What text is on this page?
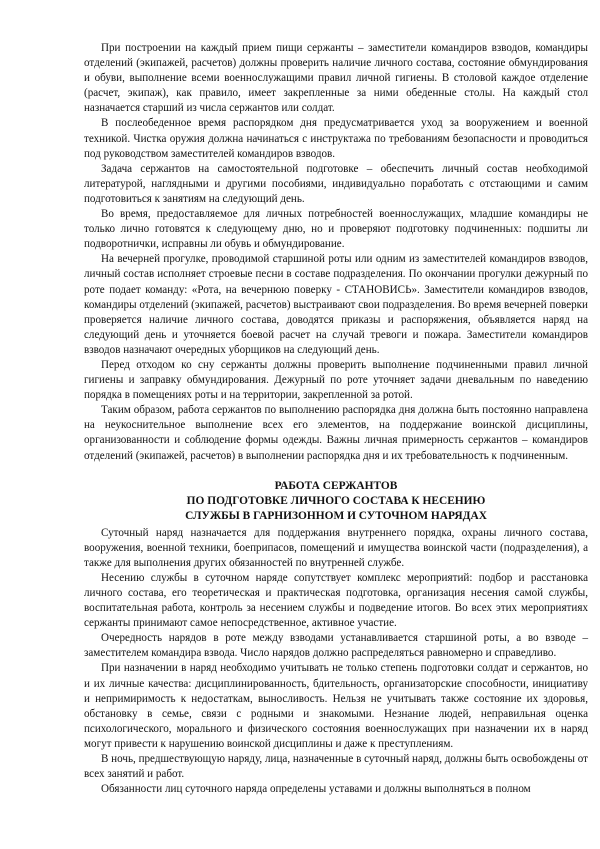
При построении на каждый прием пищи сержанты – заместители командиров взводов, командиры отделений (экипажей, расчетов) должны проверить наличие личного состава, состояние обмундирования и обуви, выполнение всеми военнослужащими правил личной гигиены. В столовой каждое отделение (расчет, экипаж), как правило, имеет закрепленные за ними обеденные столы. На каждый стол назначается старший из числа сержантов или солдат.

В послеобеденное время распорядком дня предусматривается уход за вооружением и военной техникой. Чистка оружия должна начинаться с инструктажа по требованиям безопасности и проводиться под руководством заместителей командиров взводов.

Задача сержантов на самостоятельной подготовке – обеспечить личный состав необходимой литературой, наглядными и другими пособиями, индивидуально поработать с отстающими и самим подготовиться к занятиям на следующий день.

Во время, предоставляемое для личных потребностей военнослужащих, младшие командиры не только лично готовятся к следующему дню, но и проверяют подготовку подчиненных: подшиты ли подворотнички, исправны ли обувь и обмундирование.

На вечерней прогулке, проводимой старшиной роты или одним из заместителей командиров взводов, личный состав исполняет строевые песни в составе подразделения. По окончании прогулки дежурный по роте подает команду: «Рота, на вечернюю поверку - СТАНОВИСЬ». Заместители командиров взводов, командиры отделений (экипажей, расчетов) выстраивают свои подразделения. Во время вечерней поверки проверяется наличие личного состава, доводятся приказы и распоряжения, объявляется наряд на следующий день и уточняется боевой расчет на случай тревоги и пожара. Заместители командиров взводов назначают очередных уборщиков на следующий день.

Перед отходом ко сну сержанты должны проверить выполнение подчиненными правил личной гигиены и заправку обмундирования. Дежурный по роте уточняет задачи дневальным по наведению порядка в помещениях роты и на территории, закрепленной за ротой.

Таким образом, работа сержантов по выполнению распорядка дня должна быть постоянно направлена на неукоснительное выполнение всех его элементов, на поддержание воинской дисциплины, организованности и соблюдение формы одежды. Важны личная примерность сержантов – командиров отделений (экипажей, расчетов) в выполнении распорядка дня и их требовательность к подчиненным.

РАБОТА СЕРЖАНТОВ
ПО ПОДГОТОВКЕ ЛИЧНОГО СОСТАВА К НЕСЕНИЮ
СЛУЖБЫ В ГАРНИЗОННОМ И СУТОЧНОМ НАРЯДАХ

Суточный наряд назначается для поддержания внутреннего порядка, охраны личного состава, вооружения, военной техники, боеприпасов, помещений и имущества воинской части (подразделения), а также для выполнения других обязанностей по внутренней службе.

Несению службы в суточном наряде сопутствует комплекс мероприятий: подбор и расстановка личного состава, его теоретическая и практическая подготовка, организация несения самой службы, воспитательная работа, контроль за несением службы и подведение итогов. Во всех этих мероприятиях сержанты принимают самое непосредственное, активное участие.

Очередность нарядов в роте между взводами устанавливается старшиной роты, а во взводе – заместителем командира взвода. Число нарядов должно распределяться равномерно и справедливо.

При назначении в наряд необходимо учитывать не только степень подготовки солдат и сержантов, но и их личные качества: дисциплинированность, бдительность, организаторские способности, инициативу и непримиримость к недостаткам, выносливость. Нельзя не учитывать также состояние их здоровья, обстановку в семье, связи с родными и знакомыми. Незнание людей, неправильная оценка психологического, морального и физического состояния военнослужащих при назначении их в наряд могут привести к нарушению воинской дисциплины и даже к преступлениям.

В ночь, предшествующую наряду, лица, назначенные в суточный наряд, должны быть освобождены от всех занятий и работ.

Обязанности лиц суточного наряда определены уставами и должны выполняться в полном
